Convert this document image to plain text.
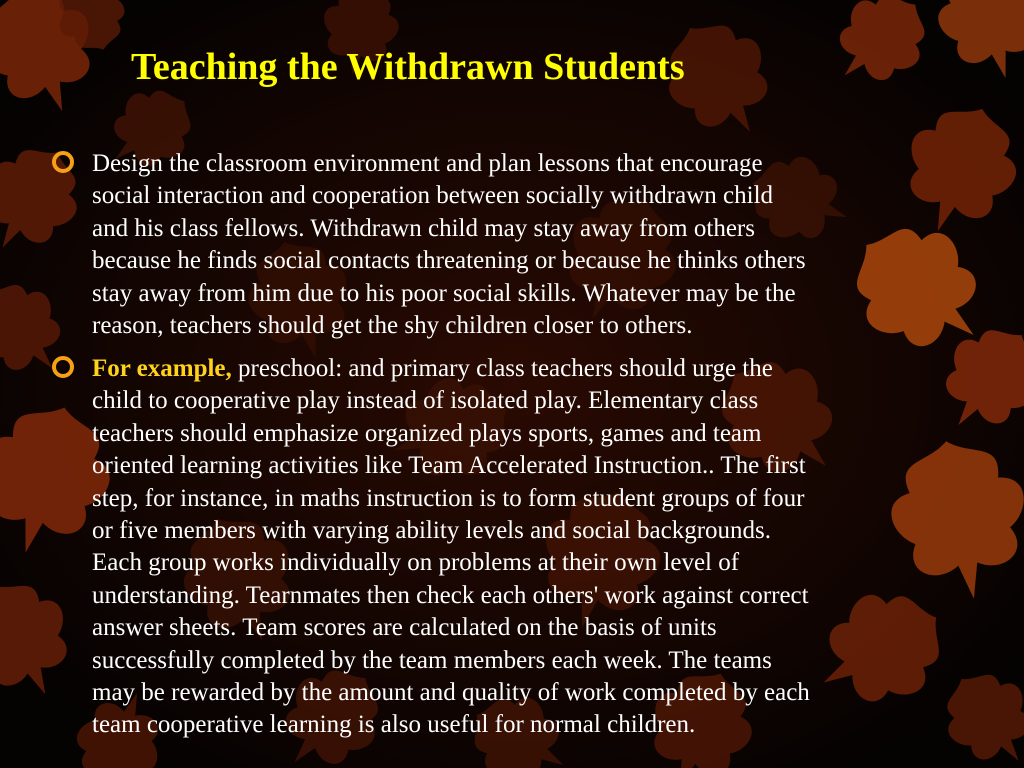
Teaching the Withdrawn Students

Design the classroom environment and plan lessons that encourage
social interaction and cooperation between socially withdrawn child
and his class fellows. Withdrawn child may stay away from others
because he finds social contacts threatening or because he thinks others
stay away from him due to his poor social skills. Whatever may be the
reason, teachers should get the shy children closer to others.

For example, preschool: and primary class teachers should urge the
child to cooperative play instead of isolated play. Elementary class
teachers should emphasize organized plays sports, games and team
oriented learning activities like Team Accelerated Instruction.. The first
step, for instance, in maths instruction is to form student groups of four
or five members with varying ability levels and social backgrounds.
Each group works individually on problems at their own level of
understanding. Tearnmates then check each others' work against correct
answer sheets. Team scores are calculated on the basis of units
successfully completed by the team members each week. The teams
may be rewarded by the amount and quality of work completed by each
team cooperative learning is also useful for normal children.
